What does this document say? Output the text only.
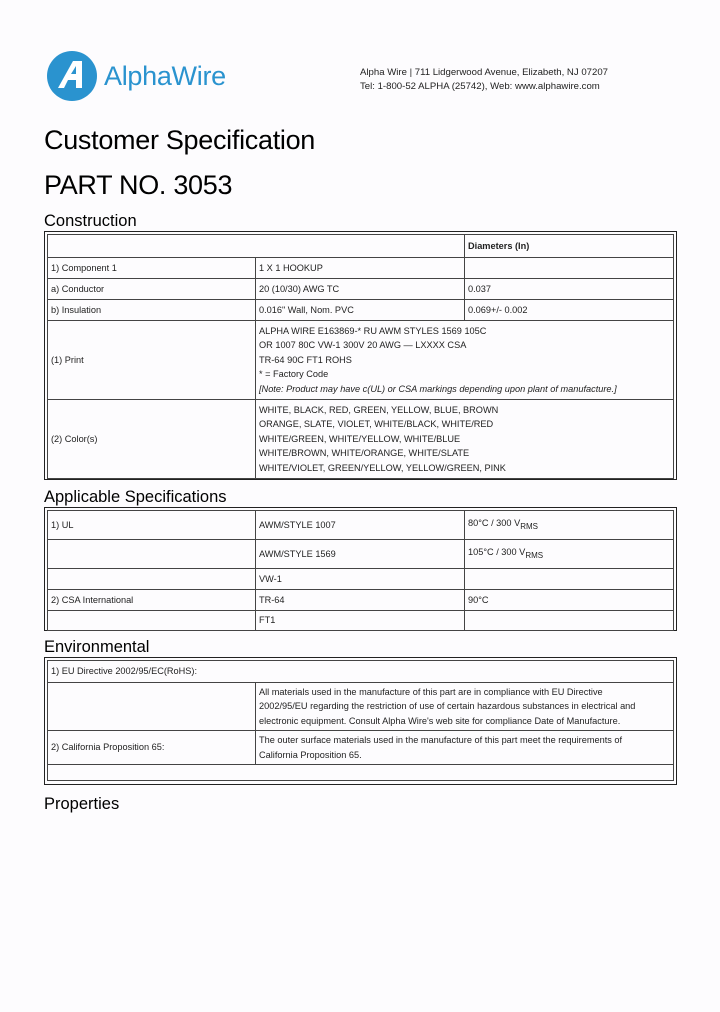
AlphaWire	Alpha Wire | 711 Lidgerwood Avenue, Elizabeth, NJ 07207
Tel: 1-800-52 ALPHA (25742), Web: www.alphawire.com
Customer Specification
PART NO. 3053
Construction
		Diameters (In)
1) Component 1	1 X 1 HOOKUP	
a) Conductor	20 (10/30) AWG TC	0.037
b) Insulation	0.016" Wall, Nom. PVC	0.069+/- 0.002
(1) Print	ALPHA WIRE E163869-* RU AWM STYLES 1569 105C
OR 1007 80C VW-1 300V 20 AWG — LXXXX CSA
TR-64 90C FT1 ROHS
* = Factory Code
[Note: Product may have c(UL) or CSA markings depending upon plant of manufacture.]	

(2) Color(s)	WHITE, BLACK, RED, GREEN, YELLOW, BLUE, BROWN
ORANGE, SLATE, VIOLET, WHITE/BLACK, WHITE/RED
WHITE/GREEN, WHITE/YELLOW, WHITE/BLUE
WHITE/BROWN, WHITE/ORANGE, WHITE/SLATE
WHITE/VIOLET, GREEN/YELLOW, YELLOW/GREEN, PINK	
Applicable Specifications
1) UL	AWM/STYLE 1007	80°C / 300 $V_{RMS}$
	AWM/STYLE 1569	105°C / 300 $V_{RMS}$
	VW-1	
2) CSA International	TR-64	90°C
	FT1	
Environmental
1) EU Directive 2002/95/EC(RoHS):	

	All materials used in the manufacture of this part are in compliance with EU Directive
2002/95/EU regarding the restriction of use of certain hazardous substances in electrical and
electronic equipment. Consult Alpha Wire's web site for compliance Date of Manufacture.

2) California Proposition 65:	The outer surface materials used in the manufacture of this part meet the requirements of
California Proposition 65.

Properties
